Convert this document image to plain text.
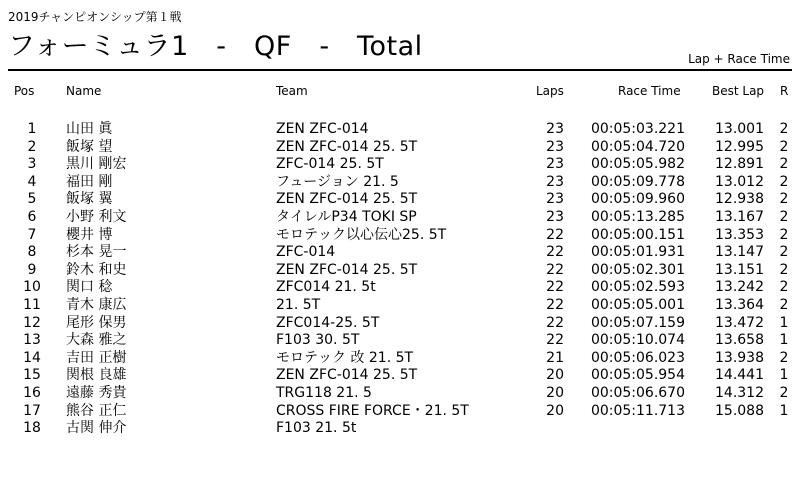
2019チャンピオンシップ第１戦
フォーミュラ1　-　QF　-　Total	Lap + Race Time
Pos	Name	Team	Laps	Race Time	Best Lap R
1	山田 眞	ZEN ZFC-014	23	00:05:03.221	13.001 2
2	飯塚 望	ZEN ZFC-014 25. 5T	23	00:05:04.720	12.995 2
3	黒川 剛宏	ZFC-014 25. 5T	23	00:05:05.982	12.891 2
4	福田 剛	フュージョン 21. 5	23	00:05:09.778	13.012 2
5	飯塚 翼	ZEN ZFC-014 25. 5T	23	00:05:09.960	12.938 2
6	小野 利文	タイレルP34 TOKI SP	23	00:05:13.285	13.167 2
7	櫻井 博	モロテック以心伝心25. 5T	22	00:05:00.151	13.353 2
8	杉本 晃一	ZFC-014	22	00:05:01.931	13.147 2
9	鈴木 和史	ZEN ZFC-014 25. 5T	22	00:05:02.301	13.151 2
10 関口 稔	ZFC014 21. 5t	22	00:05:02.593	13.242 2
11 青木 康広	21. 5T	22	00:05:05.001	13.364 2
12 尾形 保男	ZFC014-25. 5T	22	00:05:07.159	13.472 1
13 大森 雅之	F103 30. 5T	22	00:05:10.074	13.658 1
14 吉田 正樹	モロテック 改 21. 5T	21	00:05:06.023	13.938 2
15 関根 良雄	ZEN ZFC-014 25. 5T	20	00:05:05.954	14.441 1
16 遠藤 秀貴	TRG118 21. 5	20	00:05:06.670	14.312 2
17 熊谷 正仁	CROSS FIRE FORCE・21. 5T	20	00:05:11.713	15.088 1
18 古関 伸介	F103 21. 5t
